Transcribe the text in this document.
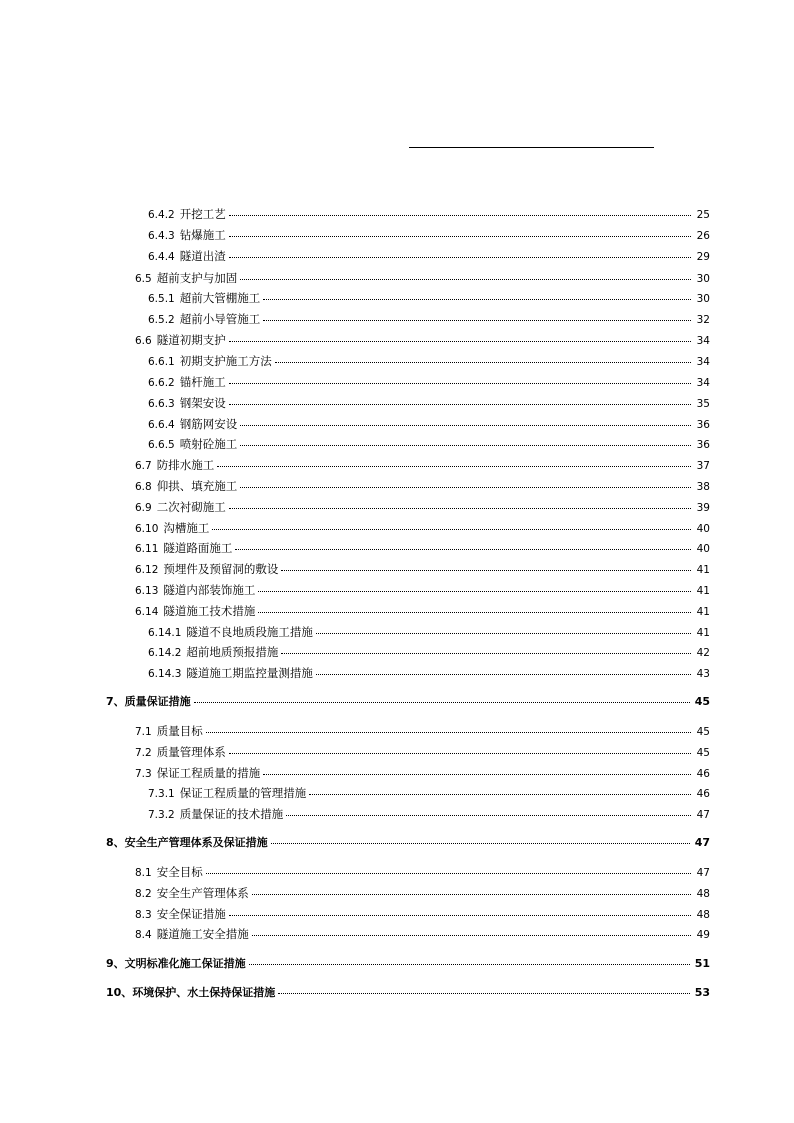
6.4.2 开挖工艺	25
6.4.3 钻爆施工	26
6.4.4 隧道出渣	29
6.5 超前支护与加固	30
6.5.1 超前大管棚施工	30
6.5.2 超前小导管施工	32
6.6 隧道初期支护	34
6.6.1 初期支护施工方法	34
6.6.2 锚杆施工	34
6.6.3 钢架安设	35
6.6.4 钢筋网安设	36
6.6.5 喷射砼施工	36
6.7 防排水施工	37
6.8 仰拱、填充施工	38
6.9 二次衬砌施工	39
6.10 沟槽施工	40
6.11 隧道路面施工	40
6.12 预埋件及预留洞的敷设	41
6.13 隧道内部装饰施工	41
6.14 隧道施工技术措施	41
6.14.1 隧道不良地质段施工措施	41
6.14.2 超前地质预报措施	42
6.14.3 隧道施工期监控量测措施	43
7、 质量保证措施	45
7.1 质量目标	45
7.2 质量管理体系	45
7.3 保证工程质量的措施	46
7.3.1 保证工程质量的管理措施	46
7.3.2 质量保证的技术措施	47
8、 安全生产管理体系及保证措施	47
8.1 安全目标	47
8.2 安全生产管理体系	48
8.3 安全保证措施	48
8.4 隧道施工安全措施	49
9、 文明标准化施工保证措施	51
10、 环境保护、水土保持保证措施	53
